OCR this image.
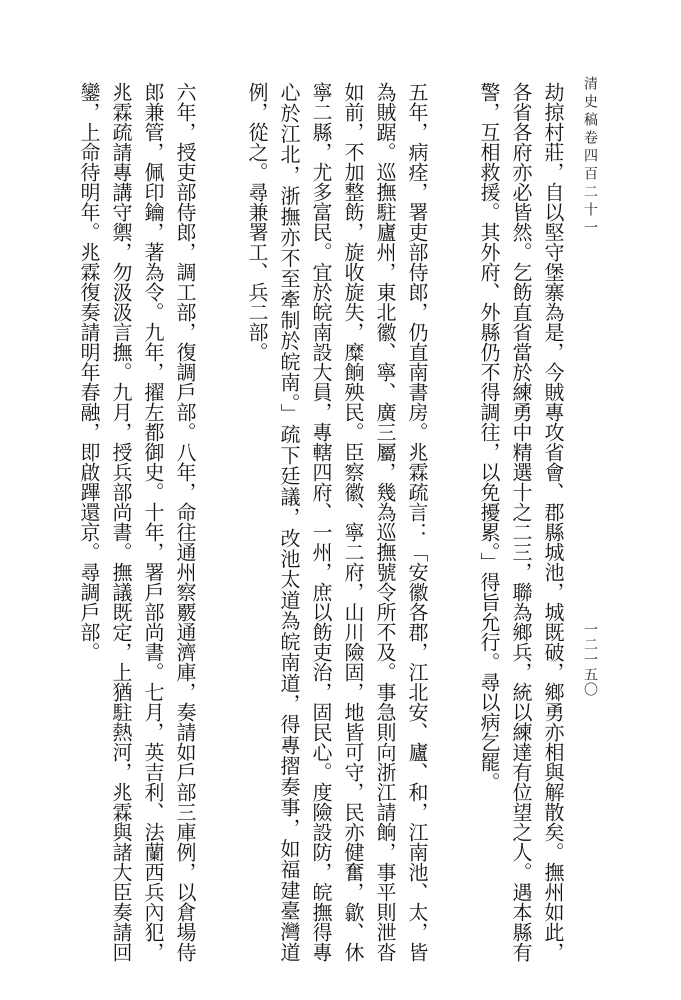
清史稿卷四百二十一
一二一五〇

劫掠村莊，自以堅守堡寨為是，今賊專攻省會、郡縣城池，城既破，鄉勇亦相與解散矣。撫州如此，各省各府亦必皆然。乞飭直省當於練勇中精選十之二三，聯為鄉兵，統以練達有位望之人。遇本縣有警，互相救援。其外府、外縣仍不得調往，以免擾累。」得旨允行。尋以病乞罷。

五年，病痊，署吏部侍郎，仍直南書房。兆霖疏言：「安徽各郡，江北安、廬、和，江南池、太，皆為賊踞。巡撫駐廬州，東北徽、寧、廣三屬，幾為巡撫號令所不及。事急則向浙江請餉，事平則泄沓如前，不加整飭，旋收旋失，糜餉殃民。臣察徽、寧二府，山川險固，地皆可守，民亦健奮，歙、休寧二縣，尤多富民。宜於皖南設大員，專轄四府、一州，庶以飭吏治，固民心。度險設防，皖撫得專心於江北，浙撫亦不至牽制於皖南。」疏下廷議，改池太道為皖南道，得專摺奏事，如福建臺灣道例，從之。尋兼署工、兵二部。

六年，授吏部侍郎，調工部，復調戶部。八年，命往通州察覈通濟庫，奏請如戶部三庫例，以倉場侍郎兼管，佩印鑰，著為令。九年，擢左都御史。十年，署戶部尚書。七月，英吉利、法蘭西兵內犯，兆霖疏請專講守禦，勿汲汲言撫。九月，授兵部尚書。撫議既定，上猶駐熱河，兆霖與諸大臣奏請回鑾，上命待明年。兆霖復奏請明年春融，即啟蹕還京。尋調戶部。
